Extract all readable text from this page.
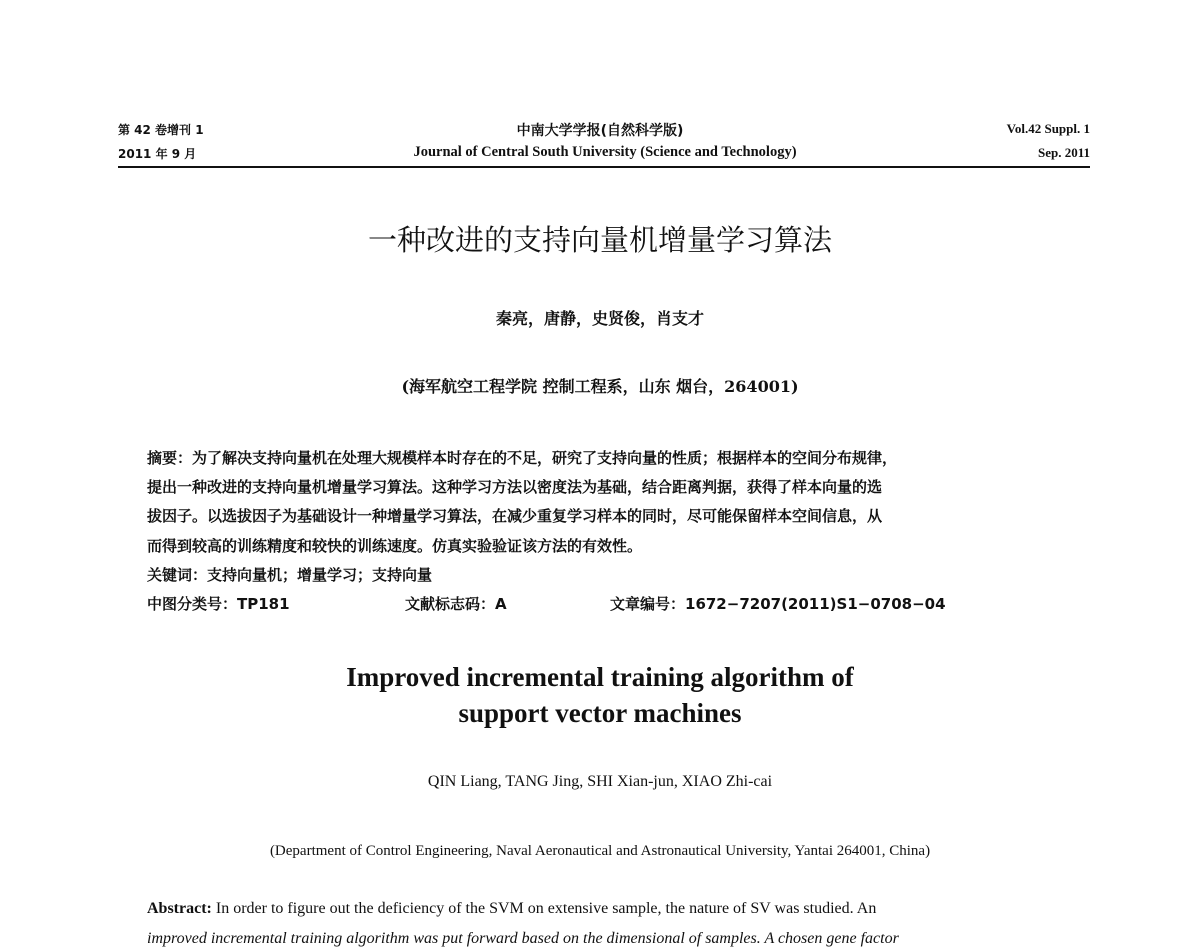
第 42 卷增刊 1
2011 年 9 月
中南大学学报(自然科学版)
Journal of Central South University (Science and Technology)
Vol.42 Suppl. 1
Sep. 2011
一种改进的支持向量机增量学习算法
秦亮，唐静，史贤俊，肖支才
(海军航空工程学院 控制工程系，山东 烟台，264001)
摘要：为了解决支持向量机在处理大规模样本时存在的不足，研究了支持向量的性质；根据样本的空间分布规律，
提出一种改进的支持向量机增量学习算法。这种学习方法以密度法为基础，结合距离判据，获得了样本向量的选
拔因子。以选拔因子为基础设计一种增量学习算法，在减少重复学习样本的同时，尽可能保留样本空间信息，从
而得到较高的训练精度和较快的训练速度。仿真实验验证该方法的有效性。
关键词：支持向量机；增量学习；支持向量
中图分类号：TP181	文献标志码：A	文章编号：1672−7207(2011)S1−0708−04
Improved incremental training algorithm of
support vector machines
QIN Liang, TANG Jing, SHI Xian-jun, XIAO Zhi-cai
(Department of Control Engineering, Naval Aeronautical and Astronautical University, Yantai 264001, China)
Abstract: In order to figure out the deficiency of the SVM on extensive sample, the nature of SV was studied. An
improved incremental training algorithm was put forward based on the dimensional of samples. A chosen gene factor
